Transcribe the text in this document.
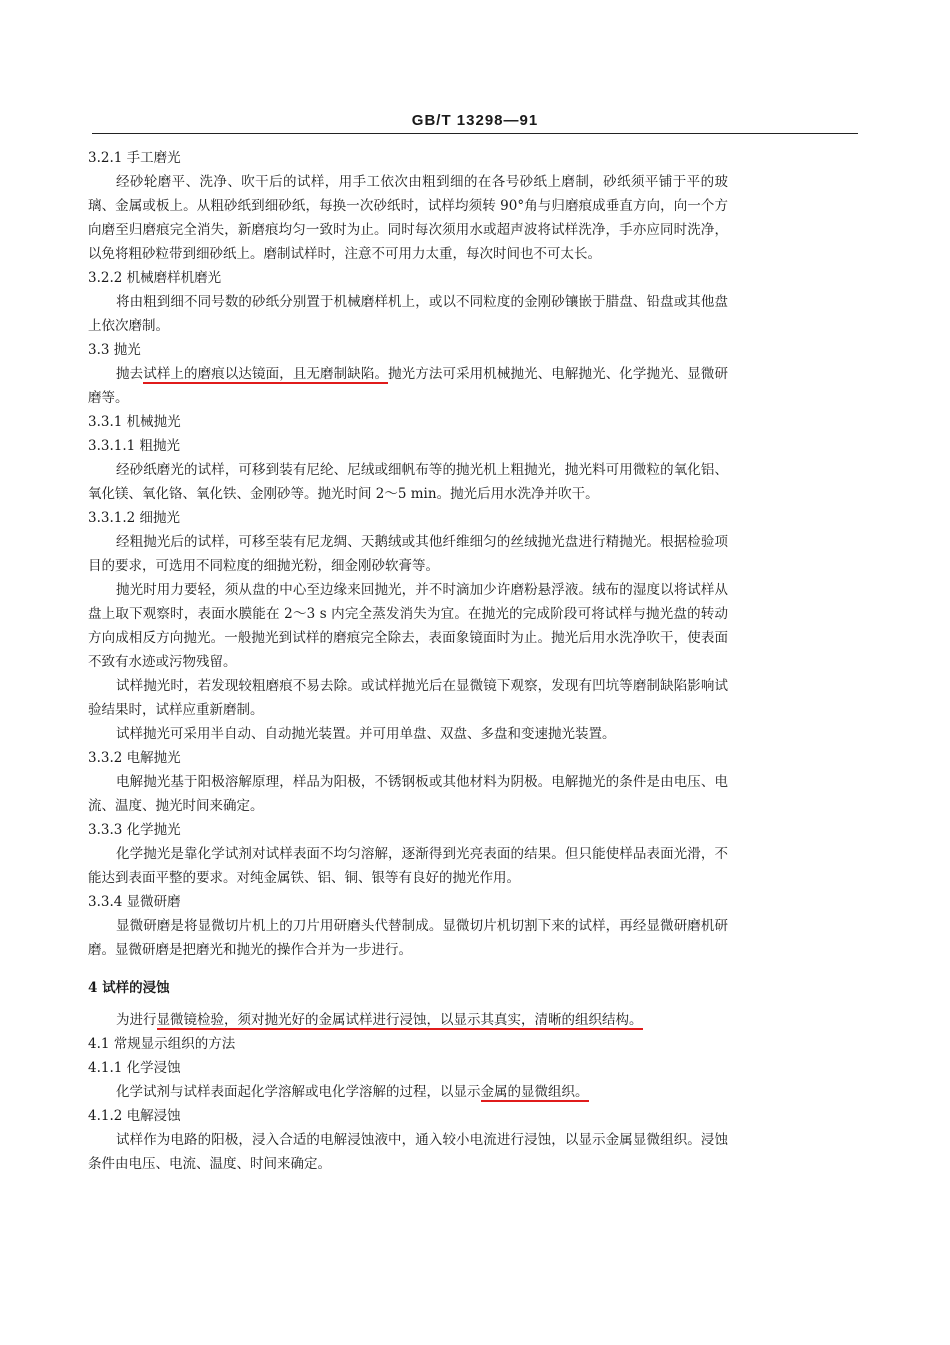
GB/T 13298—91
3.2.1 手工磨光

经砂轮磨平、洗净、吹干后的试样，用手工依次由粗到细的在各号砂纸上磨制，砂纸须平铺于平的玻璃、金属或板上。从粗砂纸到细砂纸，每换一次砂纸时，试样均须转 90°角与归磨痕成垂直方向，向一个方向磨至归磨痕完全消失，新磨痕均匀一致时为止。同时每次须用水或超声波将试样洗净，手亦应同时洗净，以免将粗砂粒带到细砂纸上。磨制试样时，注意不可用力太重，每次时间也不可太长。

3.2.2 机械磨样机磨光

将由粗到细不同号数的砂纸分别置于机械磨样机上，或以不同粒度的金刚砂镶嵌于腊盘、铅盘或其他盘上依次磨制。

3.3 抛光

抛去试样上的磨痕以达镜面，且无磨制缺陷。抛光方法可采用机械抛光、电解抛光、化学抛光、显微研磨等。

3.3.1 机械抛光
3.3.1.1 粗抛光

经砂纸磨光的试样，可移到装有尼纶、尼绒或细帆布等的抛光机上粗抛光，抛光料可用微粒的氧化铝、氧化镁、氧化铬、氧化铁、金刚砂等。抛光时间 2～5 min。抛光后用水洗净并吹干。

3.3.1.2 细抛光

经粗抛光后的试样，可移至装有尼龙绸、天鹅绒或其他纤维细匀的丝绒抛光盘进行精抛光。根据检验项目的要求，可选用不同粒度的细抛光粉，细金刚砂软膏等。

抛光时用力要轻，须从盘的中心至边缘来回抛光，并不时滴加少许磨粉悬浮液。绒布的湿度以将试样从盘上取下观察时，表面水膜能在 2～3 s 内完全蒸发消失为宜。在抛光的完成阶段可将试样与抛光盘的转动方向成相反方向抛光。一般抛光到试样的磨痕完全除去，表面象镜面时为止。抛光后用水洗净吹干，使表面不致有水迹或污物残留。

试样抛光时，若发现较粗磨痕不易去除。或试样抛光后在显微镜下观察，发现有凹坑等磨制缺陷影响试验结果时，试样应重新磨制。

试样抛光可采用半自动、自动抛光装置。并可用单盘、双盘、多盘和变速抛光装置。

3.3.2 电解抛光

电解抛光基于阳极溶解原理，样品为阳极，不锈钢板或其他材料为阴极。电解抛光的条件是由电压、电流、温度、抛光时间来确定。

3.3.3 化学抛光

化学抛光是靠化学试剂对试样表面不均匀溶解，逐渐得到光亮表面的结果。但只能使样品表面光滑，不能达到表面平整的要求。对纯金属铁、铝、铜、银等有良好的抛光作用。

3.3.4 显微研磨

显微研磨是将显微切片机上的刀片用研磨头代替制成。显微切片机切割下来的试样，再经显微研磨机研磨。显微研磨是把磨光和抛光的操作合并为一步进行。

4 试样的浸蚀

为进行显微镜检验，须对抛光好的金属试样进行浸蚀，以显示其真实，清晰的组织结构。

4.1 常规显示组织的方法
4.1.1 化学浸蚀

化学试剂与试样表面起化学溶解或电化学溶解的过程，以显示金属的显微组织。

4.1.2 电解浸蚀

试样作为电路的阳极，浸入合适的电解浸蚀液中，通入较小电流进行浸蚀，以显示金属显微组织。浸蚀条件由电压、电流、温度、时间来确定。
